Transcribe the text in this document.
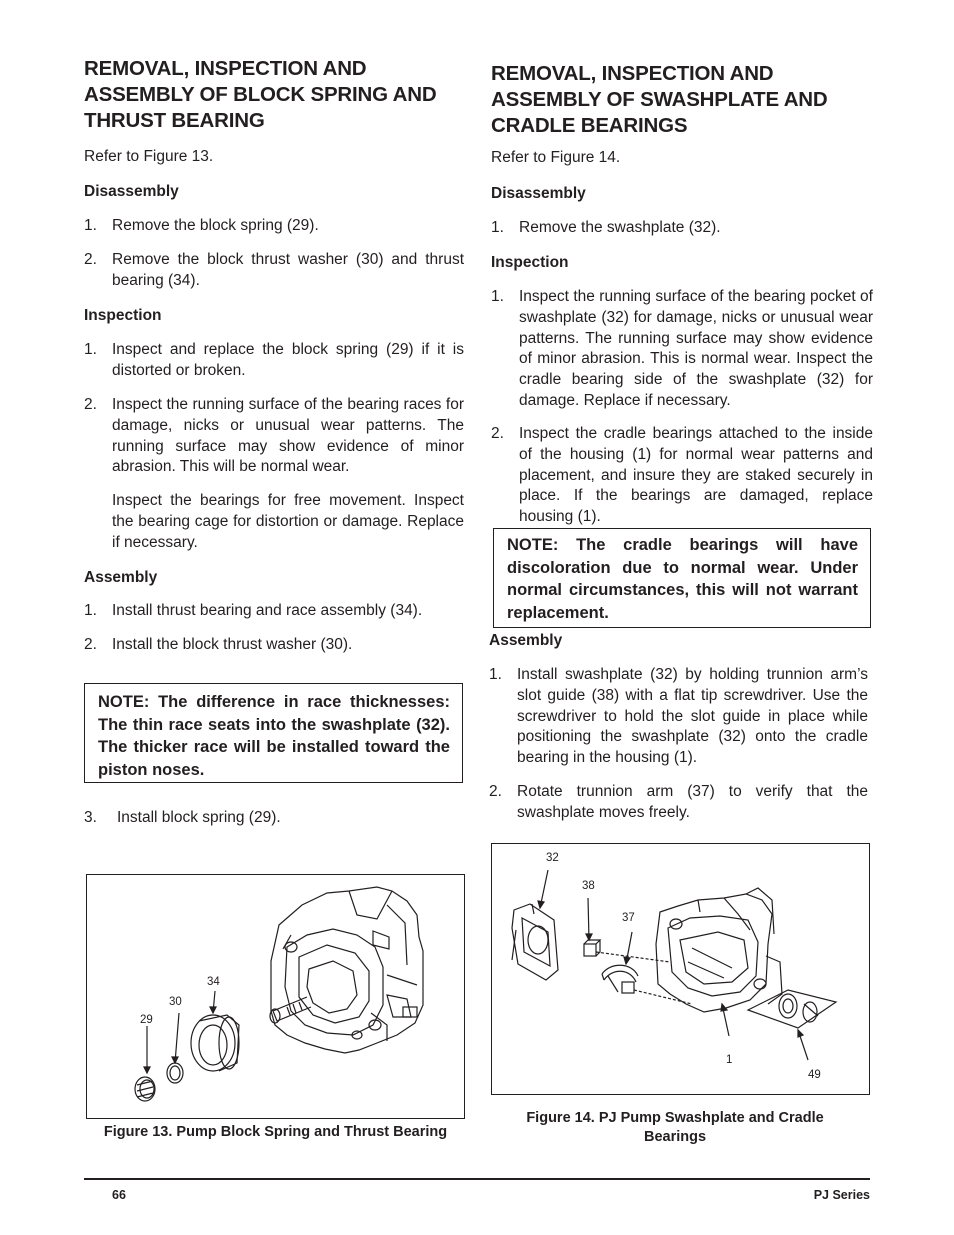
REMOVAL, INSPECTION AND ASSEMBLY OF BLOCK SPRING AND THRUST BEARING

Refer to Figure 13.

Disassembly
1. Remove the block spring (29).
2. Remove the block thrust washer (30) and thrust bearing (34).
Inspection
1. Inspect and replace the block spring (29) if it is distorted or broken.
2. Inspect the running surface of the bearing races for damage, nicks or unusual wear patterns. The running surface may show evidence of minor abrasion. This will be normal wear.

Inspect the bearings for free movement. Inspect the bearing cage for distortion or damage. Replace if necessary.

Assembly
1. Install thrust bearing and race assembly (34).
2. Install the block thrust washer (30).
NOTE: The difference in race thicknesses: The thin race seats into the swashplate (32). The thicker race will be installed toward the piston noses.
3. Install block spring (29).
29
30
34
Figure 13. Pump Block Spring and Thrust Bearing
REMOVAL, INSPECTION AND ASSEMBLY OF SWASHPLATE AND CRADLE BEARINGS

Refer to Figure 14.

Disassembly
1. Remove the swashplate (32).
Inspection
1. Inspect the running surface of the bearing pocket of swashplate (32) for damage, nicks or unusual wear patterns. The running surface may show evidence of minor abrasion. This is normal wear. Inspect the cradle bearing side of the swashplate (32) for damage. Replace if necessary.
2. Inspect the cradle bearings attached to the inside of the housing (1) for normal wear patterns and placement, and insure they are staked securely in place. If the bearings are damaged, replace housing (1).
NOTE: The cradle bearings will have discoloration due to normal wear. Under normal circumstances, this will not warrant replacement.
Assembly
1. Install swashplate (32) by holding trunnion arm’s slot guide (38) with a flat tip screwdriver. Use the screwdriver to hold the slot guide in place while positioning the swashplate (32) onto the cradle bearing in the housing (1).
2. Rotate trunnion arm (37) to verify that the swashplate moves freely.
32
38
37
1
49
Figure 14. PJ Pump Swashplate and Cradle Bearings
66	PJ Series
